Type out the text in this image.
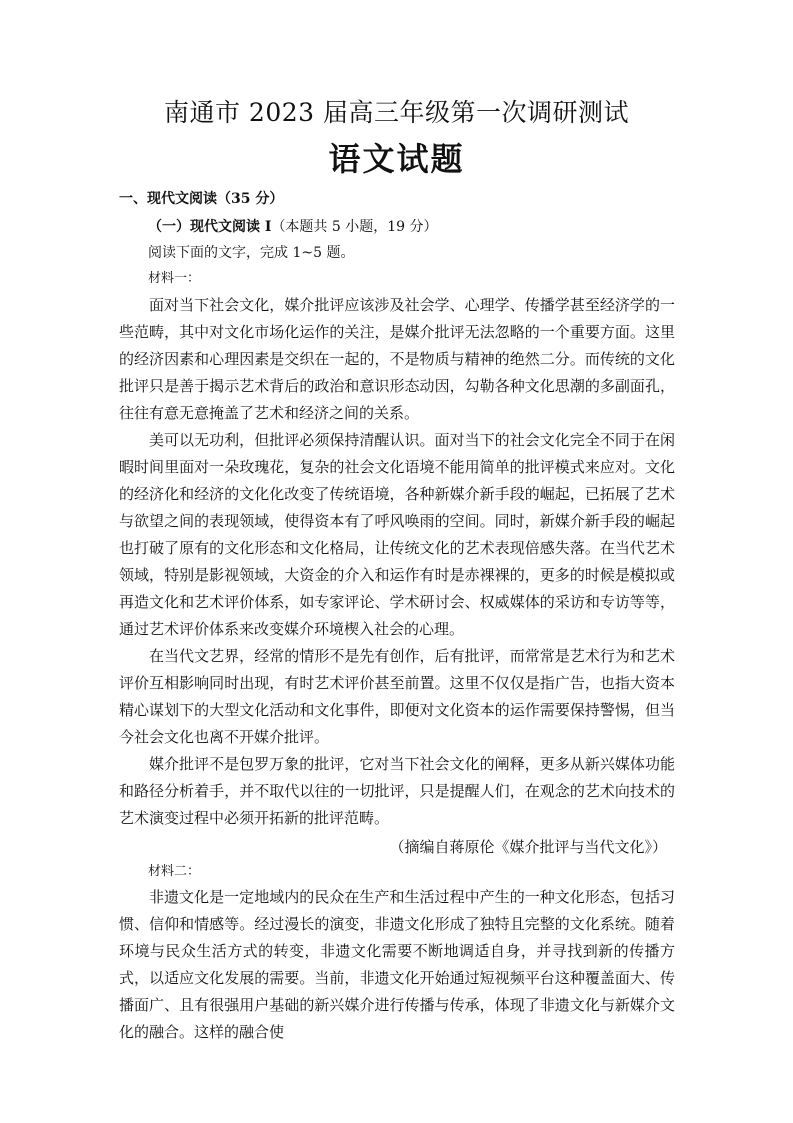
南通市 2023 届高三年级第一次调研测试
语文试题
一、现代文阅读（35 分）
（一）现代文阅读 I（本题共 5 小题，19 分）
阅读下面的文字，完成 1~5 题。
材料一：

面对当下社会文化，媒介批评应该涉及社会学、心理学、传播学甚至经济学的一些范畴，其中对文化市场化运作的关注，是媒介批评无法忽略的一个重要方面。这里的经济因素和心理因素是交织在一起的，不是物质与精神的绝然二分。而传统的文化批评只是善于揭示艺术背后的政治和意识形态动因，勾勒各种文化思潮的多副面孔，往往有意无意掩盖了艺术和经济之间的关系。

美可以无功利，但批评必须保持清醒认识。面对当下的社会文化完全不同于在闲暇时间里面对一朵玫瑰花，复杂的社会文化语境不能用简单的批评模式来应对。文化的经济化和经济的文化化改变了传统语境，各种新媒介新手段的崛起，已拓展了艺术与欲望之间的表现领域，使得资本有了呼风唤雨的空间。同时，新媒介新手段的崛起也打破了原有的文化形态和文化格局，让传统文化的艺术表现倍感失落。在当代艺术领域，特别是影视领域，大资金的介入和运作有时是赤裸裸的，更多的时候是模拟或再造文化和艺术评价体系，如专家评论、学术研讨会、权威媒体的采访和专访等等，通过艺术评价体系来改变媒介环境楔入社会的心理。

在当代文艺界，经常的情形不是先有创作，后有批评，而常常是艺术行为和艺术评价互相影响同时出现，有时艺术评价甚至前置。这里不仅仅是指广告，也指大资本精心谋划下的大型文化活动和文化事件，即便对文化资本的运作需要保持警惕，但当今社会文化也离不开媒介批评。

媒介批评不是包罗万象的批评，它对当下社会文化的阐释，更多从新兴媒体功能和路径分析着手，并不取代以往的一切批评，只是提醒人们，在观念的艺术向技术的艺术演变过程中必须开拓新的批评范畴。

（摘编自蒋原伦《媒介批评与当代文化》）
材料二：

非遗文化是一定地域内的民众在生产和生活过程中产生的一种文化形态，包括习惯、信仰和情感等。经过漫长的演变，非遗文化形成了独特且完整的文化系统。随着环境与民众生活方式的转变，非遗文化需要不断地调适自身，并寻找到新的传播方式，以适应文化发展的需要。当前，非遗文化开始通过短视频平台这种覆盖面大、传播面广、且有很强用户基础的新兴媒介进行传播与传承，体现了非遗文化与新媒介文化的融合。这样的融合使
